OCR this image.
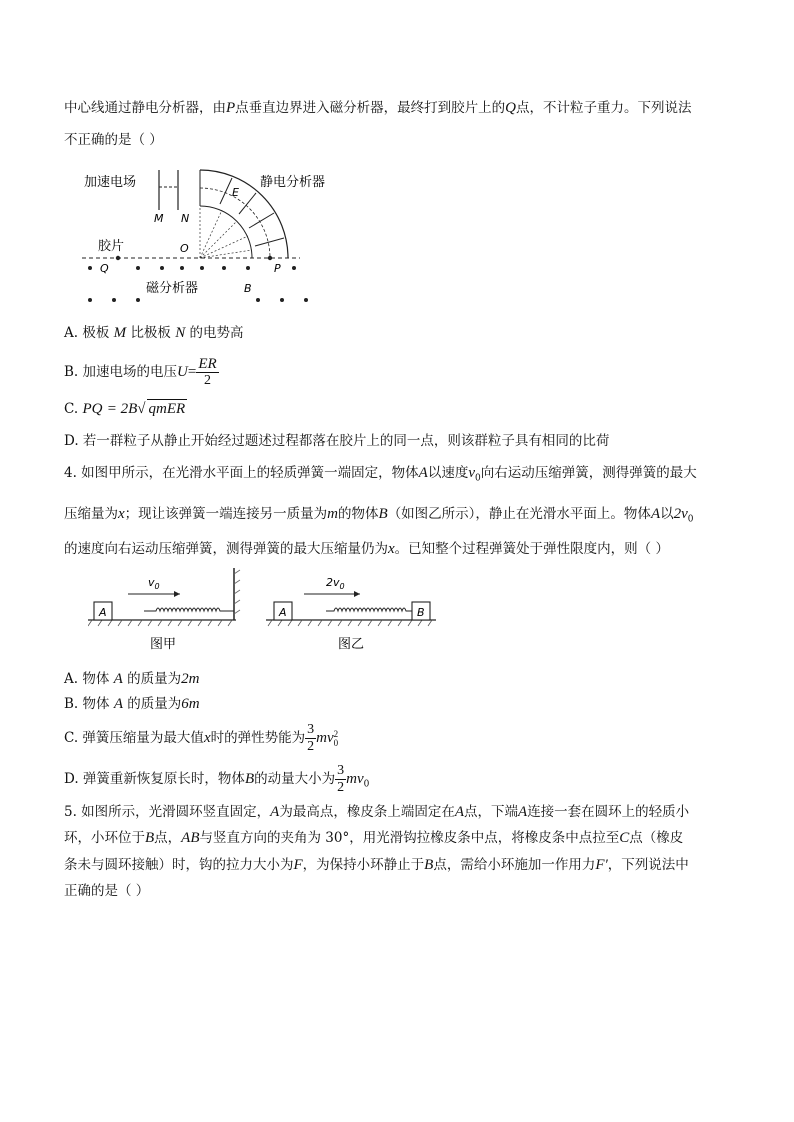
中心线通过静电分析器，由P点垂直边界进入磁分析器，最终打到胶片上的Q点，不计粒子重力。下列说法
不正确的是（ ）
加速电场
M N
E
静电分析器
胶片	O
Q	P
磁分析器	B
A. 极板 M 比极板 N 的电势高
B. 加速电场的电压$U= \frac{ER}{2}$
C. PQ = 2B√ qmER
D. 若一群粒子从静止开始经过题述过程都落在胶片上的同一点，则该群粒子具有相同的比荷
4. 如图甲所示，在光滑水平面上的轻质弹簧一端固定，物体A以速度$v_0$向右运动压缩弹簧，测得弹簧的最大
压缩量为x；现让该弹簧一端连接另一质量为m的物体B（如图乙所示），静止在光滑水平面上。物体A以$2v_0$
的速度向右运动压缩弹簧，测得弹簧的最大压缩量仍为x。已知整个过程弹簧处于弹性限度内，则（ ）
A
$v_0$
图甲
A	B
$2v_0$
图乙
A. 物体 A 的质量为2m
B. 物体 A 的质量为6m
C. 弹簧压缩量为最大值x时的弹性势能为 $\frac{3}{2}$ mv 2
0
D. 弹簧重新恢复原长时，物体B的动量大小为 $\frac{3}{2} mv_0$
5. 如图所示，光滑圆环竖直固定，A为最高点，橡皮条上端固定在A点，下端A连接一套在圆环上的轻质小
环，小环位于B点，AB与竖直方向的夹角为 30°，用光滑钩拉橡皮条中点，将橡皮条中点拉至C点（橡皮
条未与圆环接触）时，钩的拉力大小为F，为保持小环静止于B点，需给小环施加一作用力F′，下列说法中
正确的是（ ）
